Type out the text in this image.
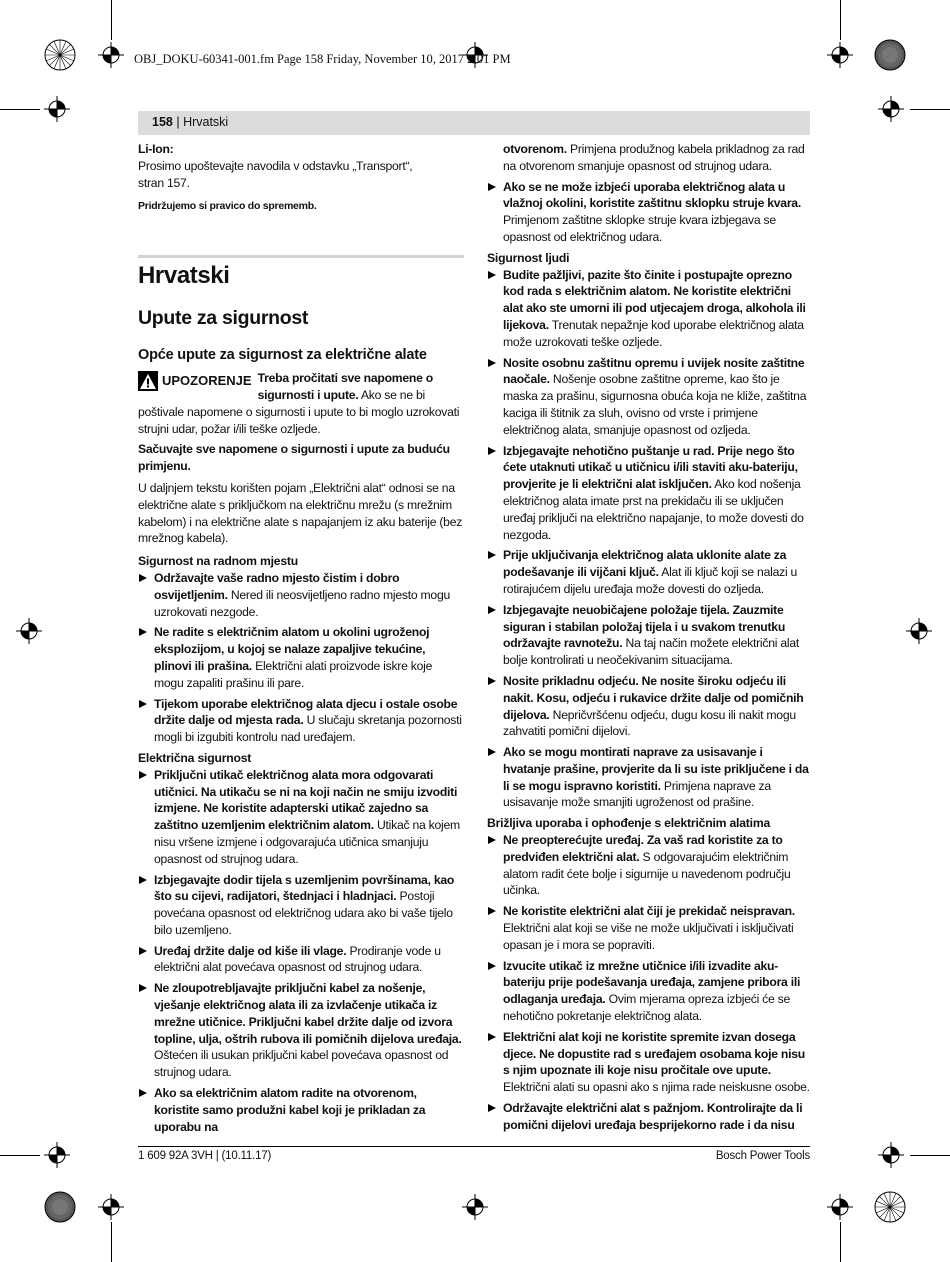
OBJ_DOKU-60341-001.fm Page 158 Friday, November 10, 2017 2:01 PM
158 | Hrvatski

Li-Ion:

Prosimo upoštevajte navodila v odstavku „Transport“, stran 157.

Pridržujemo si pravico do sprememb.

Hrvatski
Upute za sigurnost
Opće upute za sigurnost za električne alate
UPOZORENJE Treba pročitati sve napomene o sigurnosti i upute. Ako se ne bi poštivale napomene o sigurnosti i upute to bi moglo uzrokovati strujni udar, požar i/ili teške ozljede.

Sačuvajte sve napomene o sigurnosti i upute za buduću primjenu.

U daljnjem tekstu korišten pojam „Električni alat“ odnosi se na električne alate s priključkom na električnu mrežu (s mrežnim kabelom) i na električne alate s napajanjem iz aku baterije (bez mrežnog kabela).

Sigurnost na radnom mjestu

Održavajte vaše radno mjesto čistim i dobro osvijetljenim. Nered ili neosvijetljeno radno mjesto mogu uzrokovati nezgode.
Ne radite s električnim alatom u okolini ugroženoj eksplozijom, u kojoj se nalaze zapaljive tekućine, plinovi ili prašina. Električni alati proizvode iskre koje mogu zapaliti prašinu ili pare.
Tijekom uporabe električnog alata djecu i ostale osobe držite dalje od mjesta rada. U slučaju skretanja pozornosti mogli bi izgubiti kontrolu nad uređajem.

Električna sigurnost

Priključni utikač električnog alata mora odgovarati utičnici. Na utikaču se ni na koji način ne smiju izvoditi izmjene. Ne koristite adapterski utikač zajedno sa zaštitno uzemljenim električnim alatom. Utikač na kojem nisu vršene izmjene i odgovarajuća utičnica smanjuju opasnost od strujnog udara.
Izbjegavajte dodir tijela s uzemljenim površinama, kao što su cijevi, radijatori, štednjaci i hladnjaci. Postoji povećana opasnost od električnog udara ako bi vaše tijelo bilo uzemljeno.
Uređaj držite dalje od kiše ili vlage. Prodiranje vode u električni alat povećava opasnost od strujnog udara.
Ne zloupotrebljavajte priključni kabel za nošenje, vješanje električnog alata ili za izvlačenje utikača iz mrežne utičnice. Priključni kabel držite dalje od izvora topline, ulja, oštrih rubova ili pomičnih dijelova uređaja. Oštećen ili usukan priključni kabel povećava opasnost od strujnog udara.
Ako sa električnim alatom radite na otvorenom, koristite samo produžni kabel koji je prikladan za uporabu na

otvorenom. Primjena produžnog kabela prikladnog za rad na otvorenom smanjuje opasnost od strujnog udara.

Ako se ne može izbjeći uporaba električnog alata u vlažnoj okolini, koristite zaštitnu sklopku struje kvara. Primjenom zaštitne sklopke struje kvara izbjegava se opasnost od električnog udara.

Sigurnost ljudi

Budite pažljivi, pazite što činite i postupajte oprezno kod rada s električnim alatom. Ne koristite električni alat ako ste umorni ili pod utjecajem droga, alkohola ili lijekova. Trenutak nepažnje kod uporabe električnog alata može uzrokovati teške ozljede.
Nosite osobnu zaštitnu opremu i uvijek nosite zaštitne naočale. Nošenje osobne zaštitne opreme, kao što je maska za prašinu, sigurnosna obuća koja ne kliže, zaštitna kaciga ili štitnik za sluh, ovisno od vrste i primjene električnog alata, smanjuje opasnost od ozljeda.
Izbjegavajte nehotično puštanje u rad. Prije nego što ćete utaknuti utikač u utičnicu i/ili staviti aku-bateriju, provjerite je li električni alat isključen. Ako kod nošenja električnog alata imate prst na prekidaču ili se uključen uređaj priključi na električno napajanje, to može dovesti do nezgoda.
Prije uključivanja električnog alata uklonite alate za podešavanje ili vijčani ključ. Alat ili ključ koji se nalazi u rotirajućem dijelu uređaja može dovesti do ozljeda.
Izbjegavajte neuobičajene položaje tijela. Zauzmite siguran i stabilan položaj tijela i u svakom trenutku održavajte ravnotežu. Na taj način možete električni alat bolje kontrolirati u neočekivanim situacijama.
Nosite prikladnu odjeću. Ne nosite široku odjeću ili nakit. Kosu, odjeću i rukavice držite dalje od pomičnih dijelova. Nepričvršćenu odjeću, dugu kosu ili nakit mogu zahvatiti pomični dijelovi.
Ako se mogu montirati naprave za usisavanje i hvatanje prašine, provjerite da li su iste priključene i da li se mogu ispravno koristiti. Primjena naprave za usisavanje može smanjiti ugroženost od prašine.

Brižljiva uporaba i ophođenje s električnim alatima

Ne preopterećujte uređaj. Za vaš rad koristite za to predviđen električni alat. S odgovarajućim električnim alatom radit ćete bolje i sigurnije u navedenom području učinka.
Ne koristite električni alat čiji je prekidač neispravan. Električni alat koji se više ne može uključivati i isključivati opasan je i mora se popraviti.
Izvucite utikač iz mrežne utičnice i/ili izvadite aku-bateriju prije podešavanja uređaja, zamjene pribora ili odlaganja uređaja. Ovim mjerama opreza izbjeći će se nehotično pokretanje električnog alata.
Električni alat koji ne koristite spremite izvan dosega djece. Ne dopustite rad s uređajem osobama koje nisu s njim upoznate ili koje nisu pročitale ove upute. Električni alati su opasni ako s njima rade neiskusne osobe.
Održavajte električni alat s pažnjom. Kontrolirajte da li pomični dijelovi uređaja besprijekorno rade i da nisu
1 609 92A 3VH | (10.11.17)	Bosch Power Tools
